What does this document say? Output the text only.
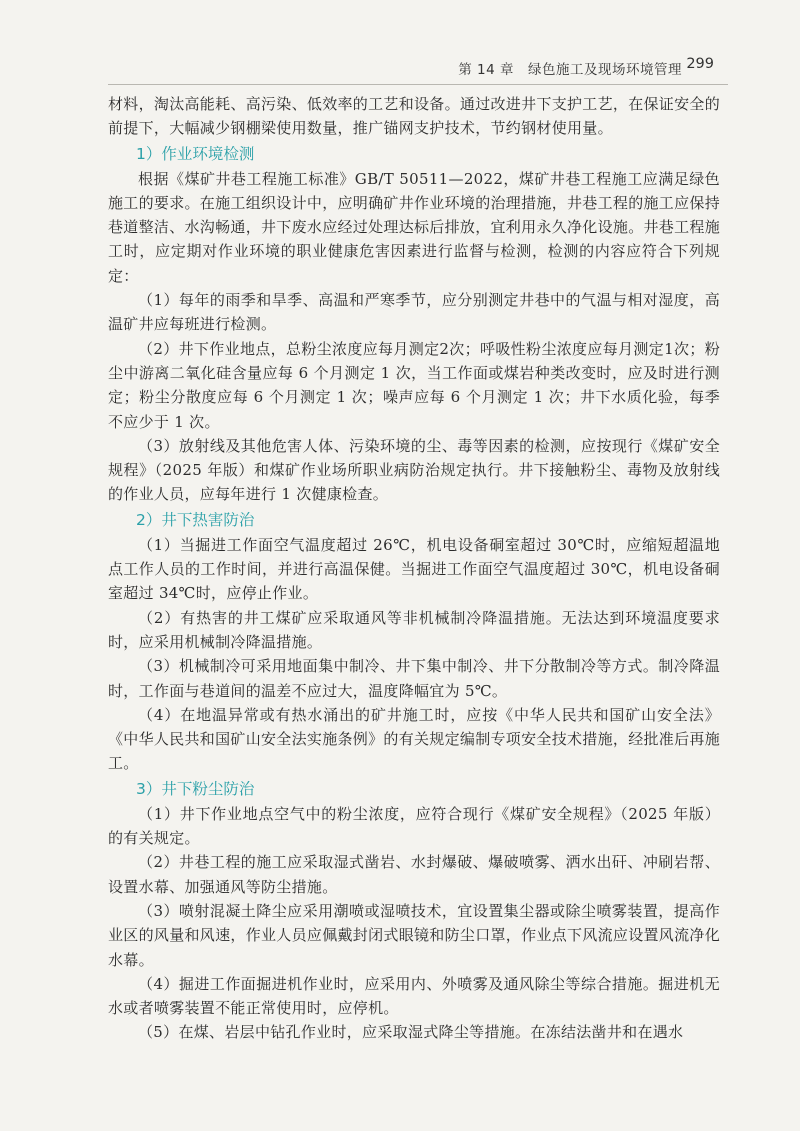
第 14 章 绿色施工及现场环境管理 299

材料，淘汰高能耗、高污染、低效率的工艺和设备。通过改进井下支护工艺，在保证安全的前提下，大幅减少钢棚梁使用数量，推广锚网支护技术，节约钢材使用量。

1）作业环境检测

根据《煤矿井巷工程施工标准》GB/T 50511—2022，煤矿井巷工程施工应满足绿色施工的要求。在施工组织设计中，应明确矿井作业环境的治理措施，井巷工程的施工应保持巷道整洁、水沟畅通，井下废水应经过处理达标后排放，宜利用永久净化设施。井巷工程施工时，应定期对作业环境的职业健康危害因素进行监督与检测，检测的内容应符合下列规定：

（1）每年的雨季和旱季、高温和严寒季节，应分别测定井巷中的气温与相对湿度，高温矿井应每班进行检测。

（2）井下作业地点，总粉尘浓度应每月测定2次；呼吸性粉尘浓度应每月测定1次；粉尘中游离二氧化硅含量应每 6 个月测定 1 次，当工作面或煤岩种类改变时，应及时进行测定；粉尘分散度应每 6 个月测定 1 次；噪声应每 6 个月测定 1 次；井下水质化验，每季不应少于 1 次。

（3）放射线及其他危害人体、污染环境的尘、毒等因素的检测，应按现行《煤矿安全规程》（2025 年版）和煤矿作业场所职业病防治规定执行。井下接触粉尘、毒物及放射线的作业人员，应每年进行 1 次健康检查。

2）井下热害防治

（1）当掘进工作面空气温度超过 26℃，机电设备硐室超过 30℃时，应缩短超温地点工作人员的工作时间，并进行高温保健。当掘进工作面空气温度超过 30℃，机电设备硐室超过 34℃时，应停止作业。

（2）有热害的井工煤矿应采取通风等非机械制冷降温措施。无法达到环境温度要求时，应采用机械制冷降温措施。

（3）机械制冷可采用地面集中制冷、井下集中制冷、井下分散制冷等方式。制冷降温时，工作面与巷道间的温差不应过大，温度降幅宜为 5℃。

（4）在地温异常或有热水涌出的矿井施工时，应按《中华人民共和国矿山安全法》《中华人民共和国矿山安全法实施条例》的有关规定编制专项安全技术措施，经批准后再施工。

3）井下粉尘防治

（1）井下作业地点空气中的粉尘浓度，应符合现行《煤矿安全规程》（2025 年版）的有关规定。

（2）井巷工程的施工应采取湿式凿岩、水封爆破、爆破喷雾、洒水出矸、冲刷岩帮、设置水幕、加强通风等防尘措施。

（3）喷射混凝土降尘应采用潮喷或湿喷技术，宜设置集尘器或除尘喷雾装置，提高作业区的风量和风速，作业人员应佩戴封闭式眼镜和防尘口罩，作业点下风流应设置风流净化水幕。

（4）掘进工作面掘进机作业时，应采用内、外喷雾及通风除尘等综合措施。掘进机无水或者喷雾装置不能正常使用时，应停机。

（5）在煤、岩层中钻孔作业时，应采取湿式降尘等措施。在冻结法凿井和在遇水
